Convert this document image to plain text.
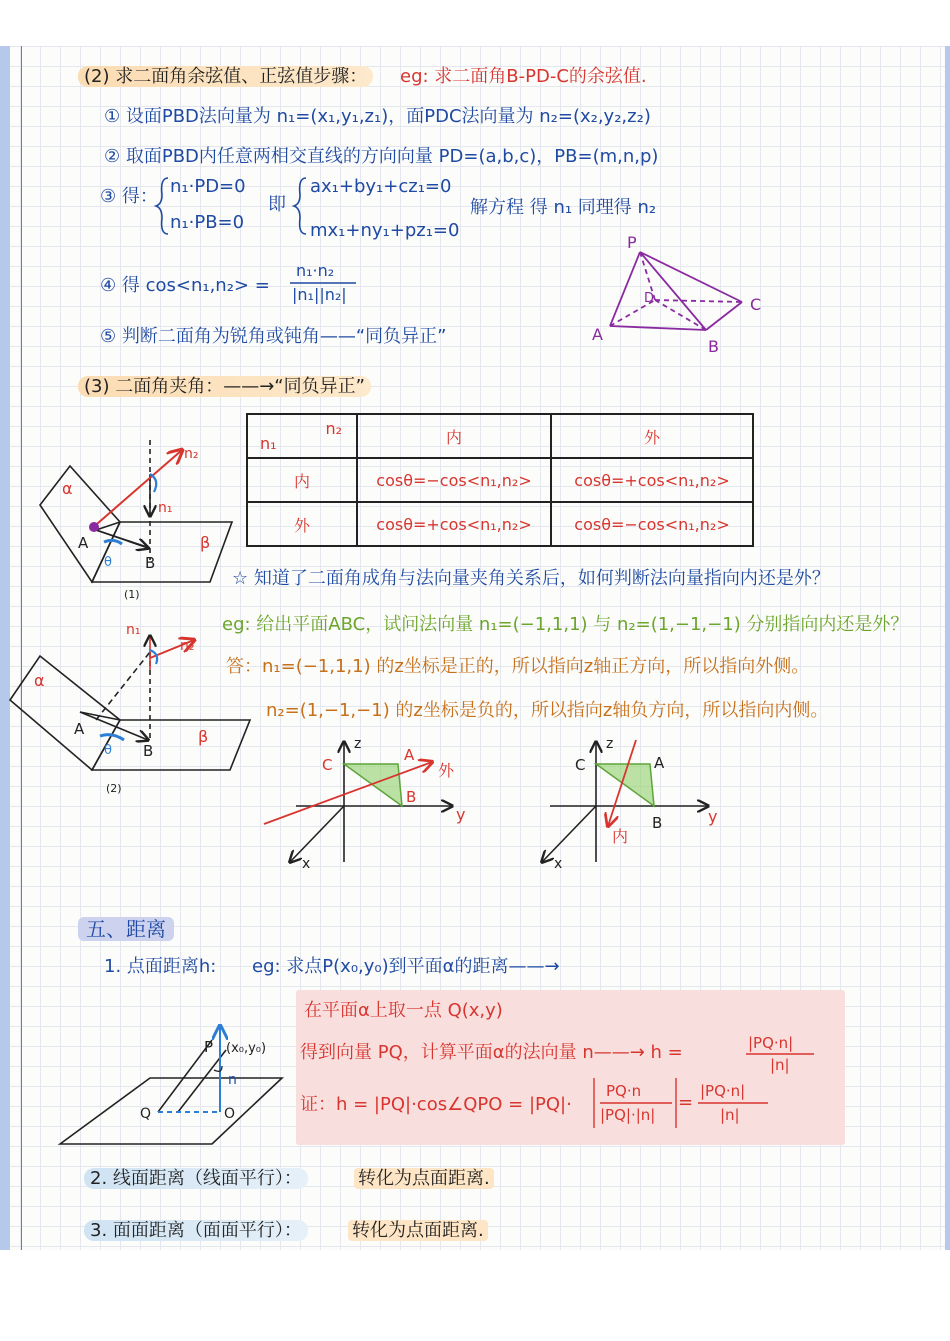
(2) 求二面角余弦值、正弦值步骤：	eg: 求二面角B-PD-C的余弦值.
① 设面PBD法向量为 n₁=(x₁,y₁,z₁)，面PDC法向量为 n₂=(x₂,y₂,z₂)
② 取面PBD内任意两相交直线的方向向量 PD=(a,b,c)，PB=(m,n,p)
③ 得： n₁·PD=0
n₁·PB=0
即
ax₁+by₁+cz₁=0
mx₁+ny₁+pz₁=0
解方程 得 n₁ 同理得 n₂
④ 得 cos<n₁,n₂> =
n₁·n₂
|n₁||n₂|
⑤ 判断二面角为锐角或钝角——“同负异正”
(3) 二面角夹角：——→“同负异正”
n₂
n₁	内	外
内	cosθ=−cos<n₁,n₂>	cosθ=+cos<n₁,n₂>
外	cosθ=+cos<n₁,n₂>	cosθ=−cos<n₁,n₂>
☆ 知道了二面角成角与法向量夹角关系后，如何判断法向量指向内还是外？
eg: 给出平面ABC，试问法向量 n₁=(−1,1,1) 与 n₂=(1,−1,−1) 分别指向内还是外？
答：n₁=(−1,1,1) 的z坐标是正的，所以指向z轴正方向，所以指向外侧。
n₂=(1,−1,−1) 的z坐标是负的，所以指向z轴负方向，所以指向内侧。
五、距离
1. 点面距离h: eg: 求点P(x₀,y₀)到平面α的距离——→
在平面α上取一点 Q(x,y)
得到向量 PQ，计算平面α的法向量 n——→ h =	|PQ·n|
|n|
证：h = |PQ|·cos∠QPO = |PQ|·
PQ·n
|PQ|·|n|
=
|PQ·n|
|n|
2. 线面距离（线面平行）：	转化为点面距离.
3. 面面距离（面面平行）：	转化为点面距离.
P
D	C
A
B
α
β
A
B
θ
n₁
n₂
(1)
α
β
A
B
θ
n₁
n₂
(2)
z
y
x
A
B
C	外
z
y
x
A
B
C
内
P (x₀,y₀)
n
Q	O
